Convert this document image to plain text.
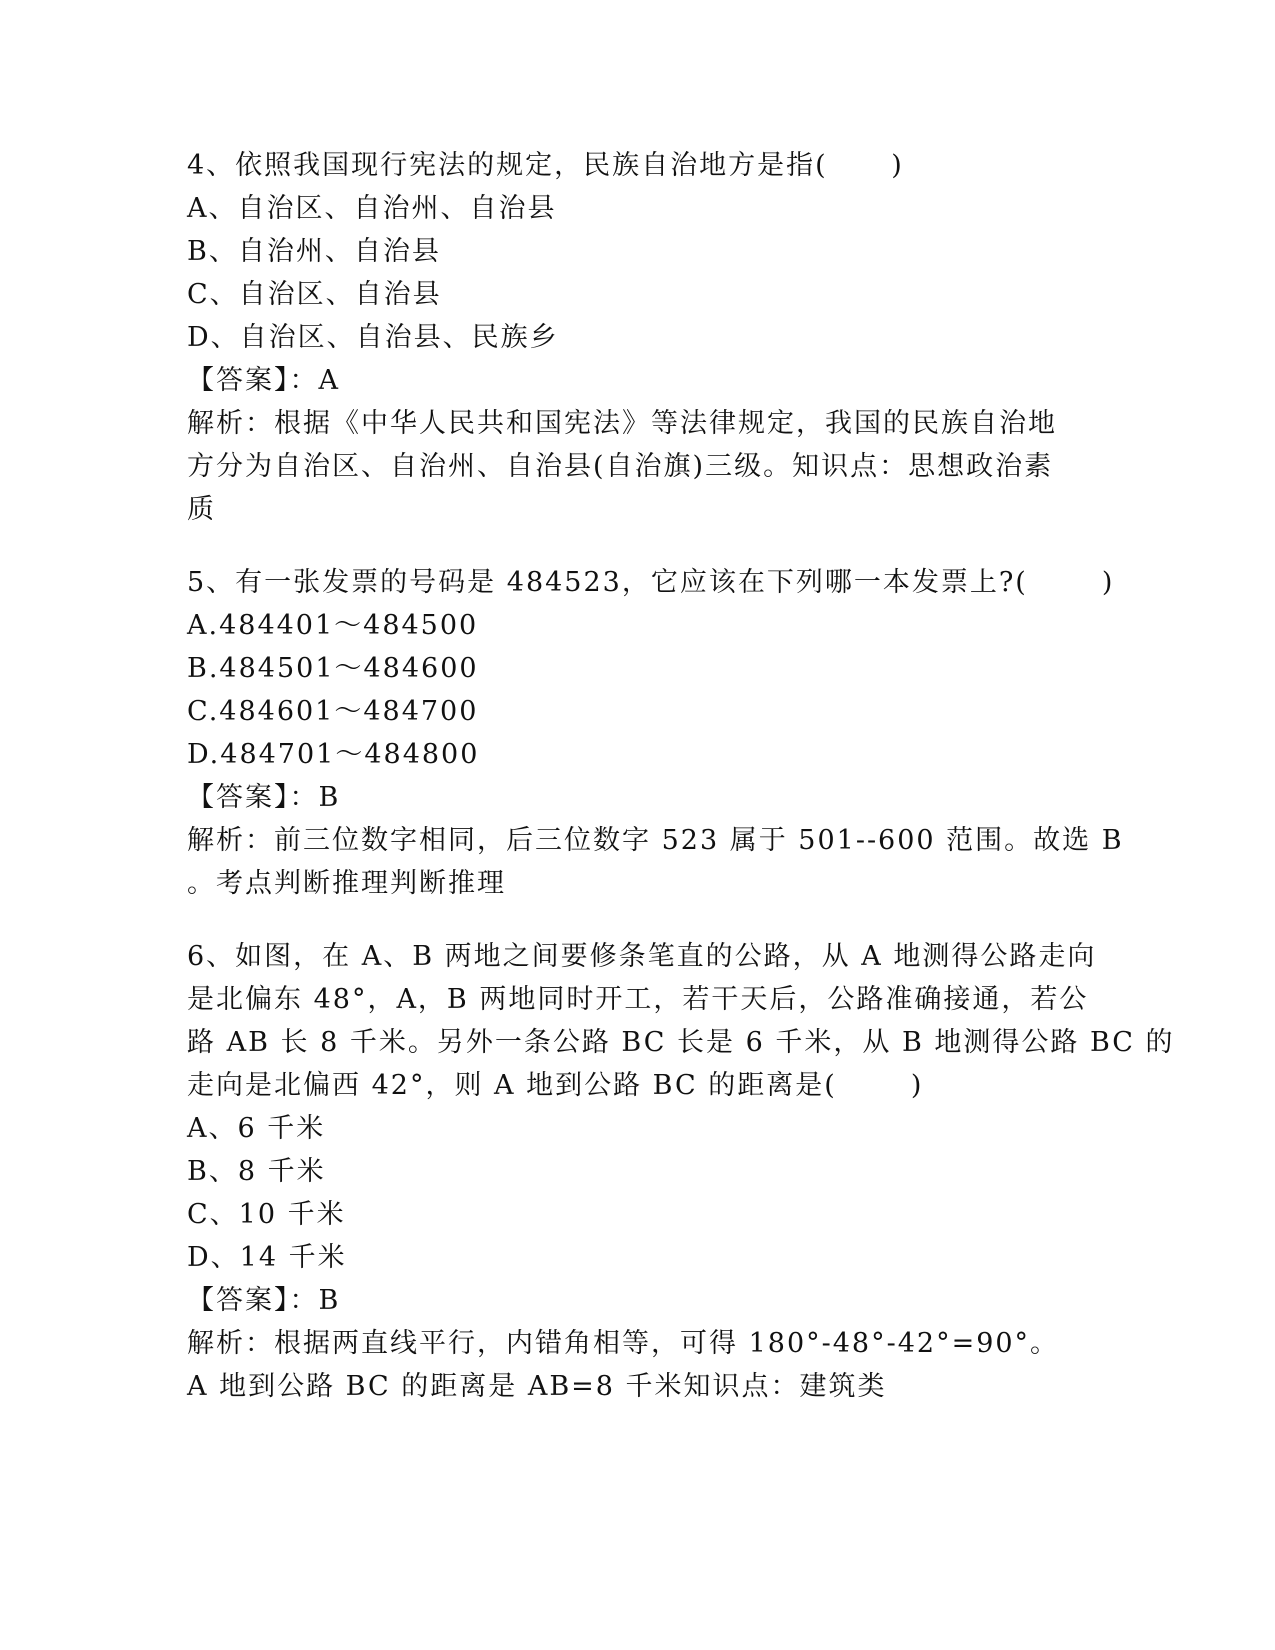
4、依照我国现行宪法的规定，民族自治地方是指(      )
A、自治区、自治州、自治县
B、自治州、自治县
C、自治区、自治县
D、自治区、自治县、民族乡
【答案】：A
解析：根据《中华人民共和国宪法》等法律规定，我国的民族自治地
方分为自治区、自治州、自治县(自治旗)三级。知识点：思想政治素
质
5、有一张发票的号码是 484523，它应该在下列哪一本发票上?(       )
A.484401～484500
B.484501～484600
C.484601～484700
D.484701～484800
【答案】：B
解析：前三位数字相同，后三位数字 523 属于 501--600 范围。故选 B
。考点判断推理判断推理
6、如图，在 A、B 两地之间要修条笔直的公路，从 A 地测得公路走向
是北偏东 48°，A，B 两地同时开工，若干天后，公路准确接通，若公
路 AB 长 8 千米。另外一条公路 BC 长是 6 千米，从 B 地测得公路 BC 的
走向是北偏西 42°，则 A 地到公路 BC 的距离是(       )
A、6 千米
B、8 千米
C、10 千米
D、14 千米
【答案】：B
解析：根据两直线平行，内错角相等，可得 180°-48°-42°=90°。
A 地到公路 BC 的距离是 AB=8 千米知识点：建筑类
